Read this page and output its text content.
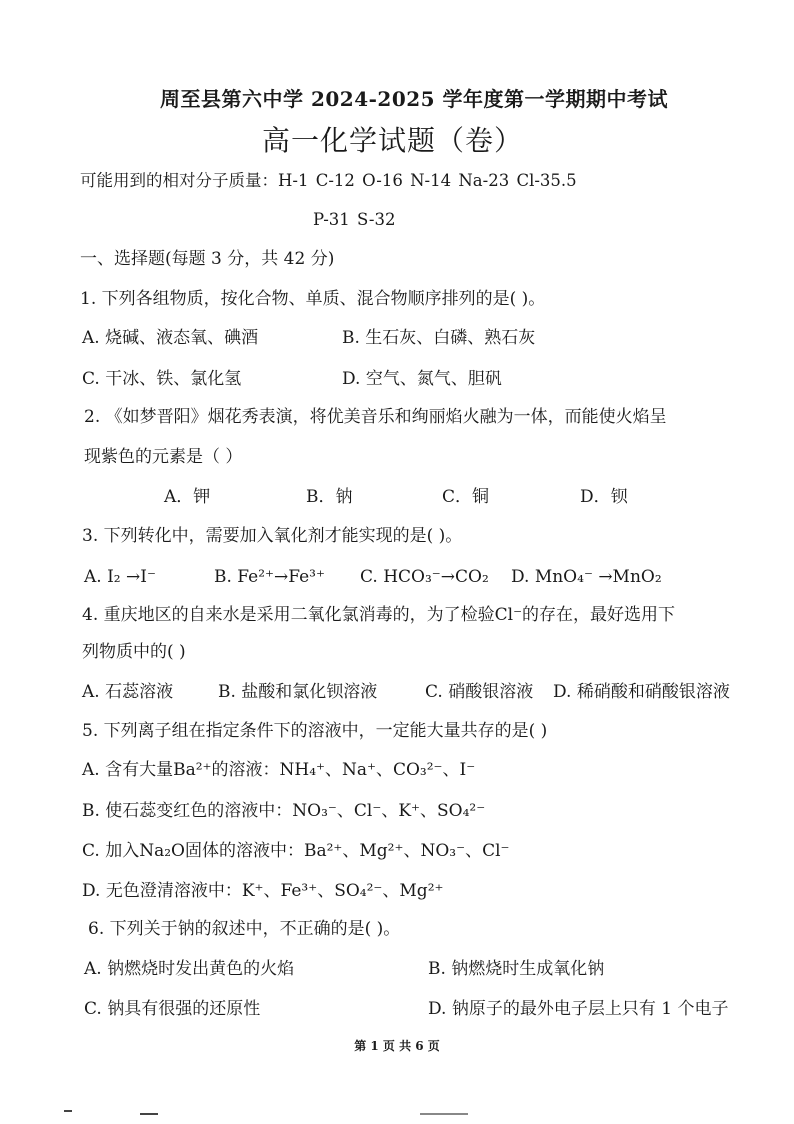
周至县第六中学 2024-2025 学年度第一学期期中考试
高一化学试题（卷）
可能用到的相对分子质量：H-1 C-12 O-16 N-14 Na-23 Cl-35.5
P-31 S-32
一、选择题(每题 3 分，共 42 分)
1. 下列各组物质，按化合物、单质、混合物顺序排列的是( )。
A. 烧碱、液态氧、碘酒	B. 生石灰、白磷、熟石灰
C. 干冰、铁、氯化氢	D. 空气、氮气、胆矾
2. 《如梦晋阳》烟花秀表演，将优美音乐和绚丽焰火融为一体，而能使火焰呈
现紫色的元素是（ ）
A．钾	B．钠	C．铜	D．钡
3. 下列转化中，需要加入氧化剂才能实现的是( )。
A. I₂ →I⁻	B. Fe²⁺→Fe³⁺ C. HCO₃⁻→CO₂ D. MnO₄⁻ →MnO₂
4. 重庆地区的自来水是采用二氧化氯消毒的，为了检验Cl⁻的存在，最好选用下
列物质中的( )
A. 石蕊溶液	B. 盐酸和氯化钡溶液	C. 硝酸银溶液 D. 稀硝酸和硝酸银溶液
5. 下列离子组在指定条件下的溶液中，一定能大量共存的是( )
A. 含有大量Ba²⁺的溶液：NH₄⁺、Na⁺、CO₃²⁻、I⁻
B. 使石蕊变红色的溶液中：NO₃⁻、Cl⁻、K⁺、SO₄²⁻
C. 加入Na₂O固体的溶液中：Ba²⁺、Mg²⁺、NO₃⁻、Cl⁻
D. 无色澄清溶液中：K⁺、Fe³⁺、SO₄²⁻、Mg²⁺
6. 下列关于钠的叙述中，不正确的是( )。
A. 钠燃烧时发出黄色的火焰	B. 钠燃烧时生成氧化钠
C. 钠具有很强的还原性	D. 钠原子的最外电子层上只有 1 个电子
第 1 页 共 6 页
